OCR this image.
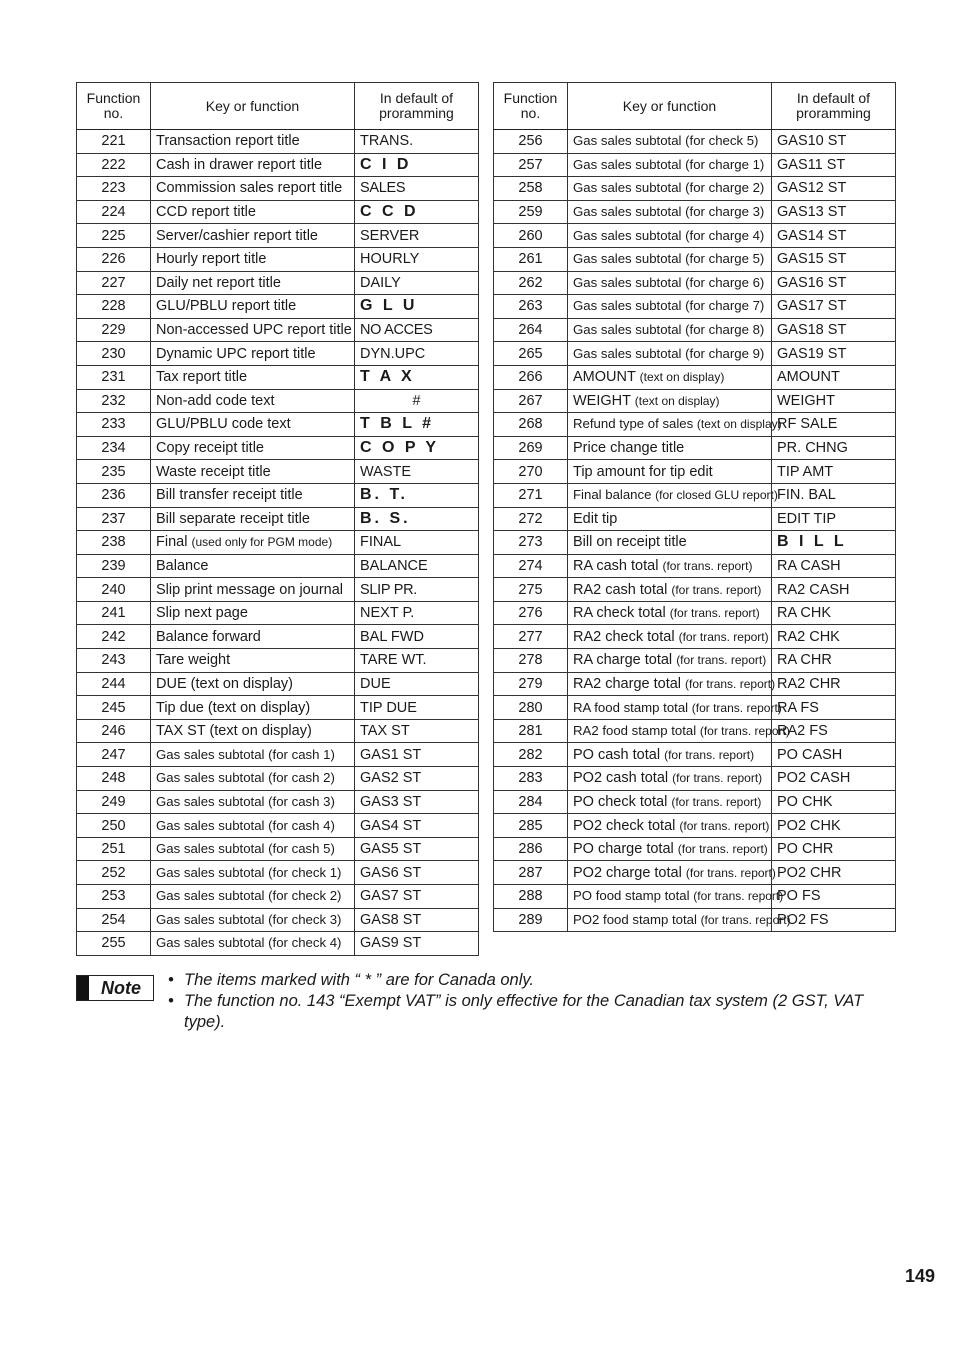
Function no.	Key or function	In default of proramming
221	Transaction report title	TRANS.
222	Cash in drawer report title	C I D
223	Commission sales report title	SALES
224	CCD report title	C C D
225	Server/cashier report title	SERVER
226	Hourly report title	HOURLY
227	Daily net report title	DAILY
228	GLU/PBLU report title	G L U
229	Non-accessed UPC report title	NO ACCES
230	Dynamic UPC report title	DYN.UPC
231	Tax report title	T A X
232	Non-add code text	#
233	GLU/PBLU code text	T B L #
234	Copy receipt title	C O P Y
235	Waste receipt title	WASTE
236	Bill transfer receipt title	B. T.
237	Bill separate receipt title	B. S.
238	Final (used only for PGM mode)	FINAL
239	Balance	BALANCE
240	Slip print message on journal	SLIP PR.
241	Slip next page	NEXT P.
242	Balance forward	BAL FWD
243	Tare weight	TARE WT.
244	DUE (text on display)	DUE
245	Tip due (text on display)	TIP DUE
246	TAX ST (text on display)	TAX ST
247	Gas sales subtotal (for cash 1)	GAS1 ST
248	Gas sales subtotal (for cash 2)	GAS2 ST
249	Gas sales subtotal (for cash 3)	GAS3 ST
250	Gas sales subtotal (for cash 4)	GAS4 ST
251	Gas sales subtotal (for cash 5)	GAS5 ST
252	Gas sales subtotal (for check 1)	GAS6 ST
253	Gas sales subtotal (for check 2)	GAS7 ST
254	Gas sales subtotal (for check 3)	GAS8 ST
255	Gas sales subtotal (for check 4)	GAS9 ST
Function no.	Key or function	In default of proramming
256	Gas sales subtotal (for check 5)	GAS10 ST
257	Gas sales subtotal (for charge 1)	GAS11 ST
258	Gas sales subtotal (for charge 2)	GAS12 ST
259	Gas sales subtotal (for charge 3)	GAS13 ST
260	Gas sales subtotal (for charge 4)	GAS14 ST
261	Gas sales subtotal (for charge 5)	GAS15 ST
262	Gas sales subtotal (for charge 6)	GAS16 ST
263	Gas sales subtotal (for charge 7)	GAS17 ST
264	Gas sales subtotal (for charge 8)	GAS18 ST
265	Gas sales subtotal (for charge 9)	GAS19 ST
266	AMOUNT (text on display)	AMOUNT
267	WEIGHT (text on display)	WEIGHT
268	Refund type of sales (text on display)	RF SALE
269	Price change title	PR. CHNG
270	Tip amount for tip edit	TIP AMT
271	Final balance (for closed GLU report)	FIN. BAL
272	Edit tip	EDIT TIP
273	Bill on receipt title	B I L L
274	RA cash total (for trans. report)	RA CASH
275	RA2 cash total (for trans. report)	RA2 CASH
276	RA check total (for trans. report)	RA CHK
277	RA2 check total (for trans. report)	RA2 CHK
278	RA charge total (for trans. report)	RA CHR
279	RA2 charge total (for trans. report)	RA2 CHR
280	RA food stamp total (for trans. report)	RA FS
281	RA2 food stamp total (for trans. report)	RA2 FS
282	PO cash total (for trans. report)	PO CASH
283	PO2 cash total (for trans. report)	PO2 CASH
284	PO check total (for trans. report)	PO CHK
285	PO2 check total (for trans. report)	PO2 CHK
286	PO charge total (for trans. report)	PO CHR
287	PO2 charge total (for trans. report)	PO2 CHR
288	PO food stamp total (for trans. report)	PO FS
289	PO2 food stamp total (for trans. report)	PO2 FS
Note	• The items marked with “ * ” are for Canada only.
• The function no. 143 “Exempt VAT” is only effective for the Canadian tax system (2 GST, VAT type).
149
